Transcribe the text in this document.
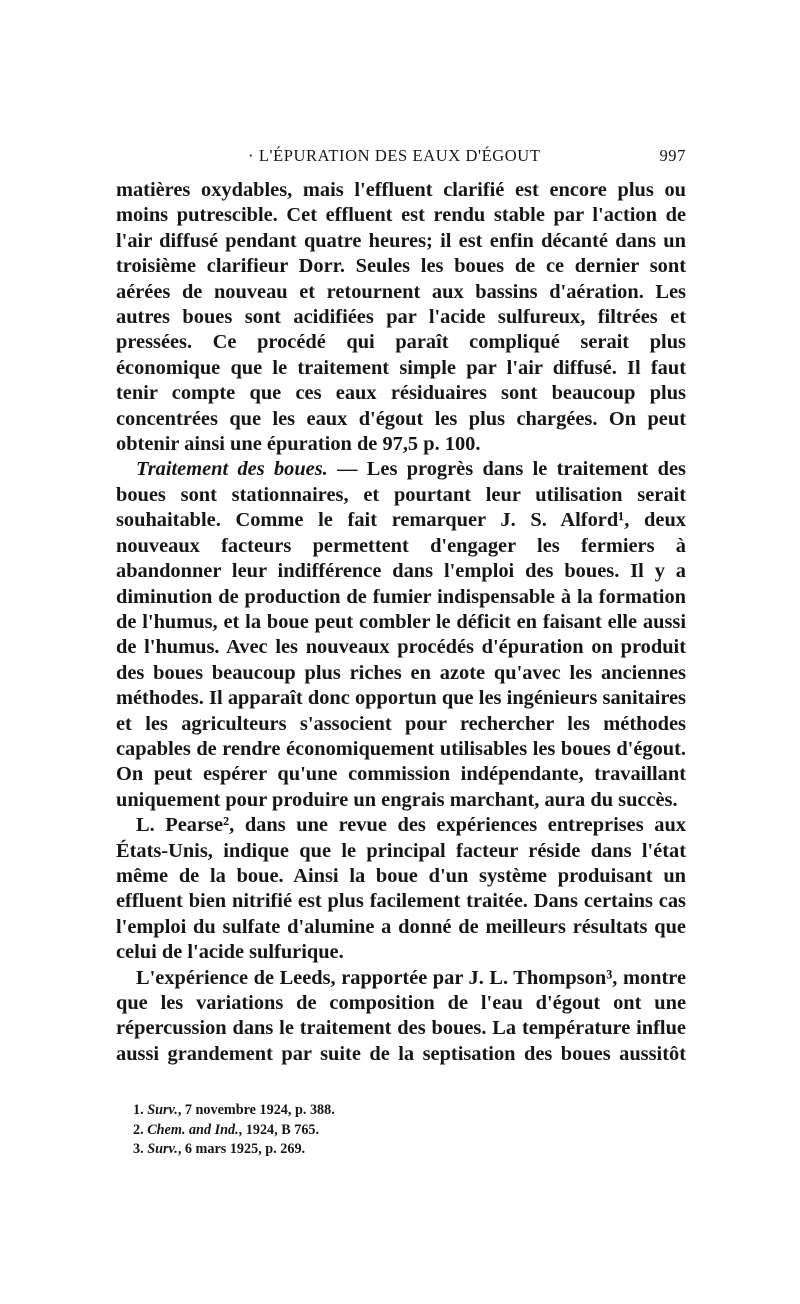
· L'ÉPURATION DES EAUX D'ÉGOUT	997

matières oxydables, mais l'effluent clarifié est encore plus ou moins putrescible. Cet effluent est rendu stable par l'action de l'air diffusé pendant quatre heures; il est enfin décanté dans un troisième clarifieur Dorr. Seules les boues de ce dernier sont aérées de nouveau et retournent aux bassins d'aération. Les autres boues sont acidifiées par l'acide sulfureux, filtrées et pressées. Ce procédé qui paraît compliqué serait plus économique que le traitement simple par l'air diffusé. Il faut tenir compte que ces eaux résiduaires sont beaucoup plus concentrées que les eaux d'égout les plus chargées. On peut obtenir ainsi une épuration de 97,5 p. 100.

Traitement des boues. — Les progrès dans le traitement des boues sont stationnaires, et pourtant leur utilisation serait souhaitable. Comme le fait remarquer J. S. Alford¹, deux nouveaux facteurs permettent d'engager les fermiers à abandonner leur indifférence dans l'emploi des boues. Il y a diminution de production de fumier indispensable à la formation de l'humus, et la boue peut combler le déficit en faisant elle aussi de l'humus. Avec les nouveaux procédés d'épuration on produit des boues beaucoup plus riches en azote qu'avec les anciennes méthodes. Il apparaît donc opportun que les ingénieurs sanitaires et les agriculteurs s'associent pour rechercher les méthodes capables de rendre économiquement utilisables les boues d'égout. On peut espérer qu'une commission indépendante, travaillant uniquement pour produire un engrais marchant, aura du succès.

L. Pearse², dans une revue des expériences entreprises aux États-Unis, indique que le principal facteur réside dans l'état même de la boue. Ainsi la boue d'un système produisant un effluent bien nitrifié est plus facilement traitée. Dans certains cas l'emploi du sulfate d'alumine a donné de meilleurs résultats que celui de l'acide sulfurique.

L'expérience de Leeds, rapportée par J. L. Thompson³, montre que les variations de composition de l'eau d'égout ont une répercussion dans le traitement des boues. La température influe aussi grandement par suite de la septisation des boues aussitôt

1. Surv., 7 novembre 1924, p. 388.
2. Chem. and Ind., 1924, B 765.
3. Surv., 6 mars 1925, p. 269.
